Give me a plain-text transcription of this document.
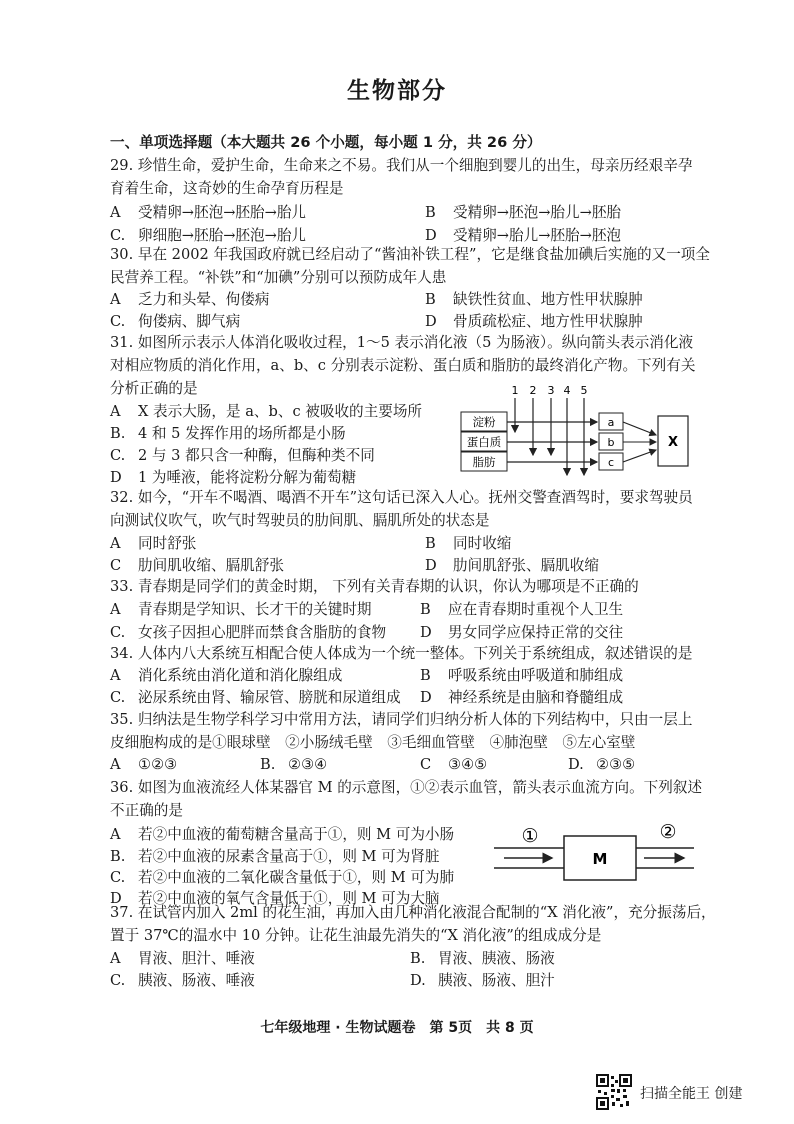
生物部分
一、单项选择题（本大题共 26 个小题，每小题 1 分，共 26 分）
29. 珍惜生命，爱护生命，生命来之不易。我们从一个细胞到婴儿的出生，母亲历经艰辛孕
育着生命，这奇妙的生命孕育历程是
A 受精卵→胚泡→胚胎→胎儿	B 受精卵→胚泡→胎儿→胚胎
C. 卵细胞→胚胎→胚泡→胎儿	D 受精卵→胎儿→胚胎→胚泡
30. 早在 2002 年我国政府就已经启动了“酱油补铁工程”，它是继食盐加碘后实施的又一项全
民营养工程。“补铁”和“加碘”分别可以预防成年人患
A 乏力和头晕、佝偻病	B 缺铁性贫血、地方性甲状腺肿
C. 佝偻病、脚气病	D 骨质疏松症、地方性甲状腺肿
31. 如图所示表示人体消化吸收过程，1～5 表示消化液（5 为肠液）。纵向箭头表示消化液
对相应物质的消化作用，a、b、c 分别表示淀粉、蛋白质和脂肪的最终消化产物。下列有关
分析正确的是
A X 表示大肠，是 a、b、c 被吸收的主要场所
B. 4 和 5 发挥作用的场所都是小肠
C. 2 与 3 都只含一种酶，但酶种类不同
D 1 为唾液，能将淀粉分解为葡萄糖
1 2 3 4 5
淀粉
蛋白质
脂肪
a
b
c
X
32. 如今，“开车不喝酒、喝酒不开车”这句话已深入人心。抚州交警查酒驾时，要求驾驶员
向测试仪吹气，吹气时驾驶员的肋间肌、膈肌所处的状态是
A 同时舒张	B 同时收缩
C 肋间肌收缩、膈肌舒张	D 肋间肌舒张、膈肌收缩
33. 青春期是同学们的黄金时期， 下列有关青春期的认识，你认为哪项是不正确的
A 青春期是学知识、长才干的关键时期	B 应在青春期时重视个人卫生
C. 女孩子因担心肥胖而禁食含脂肪的食物 D 男女同学应保持正常的交往
34. 人体内八大系统互相配合使人体成为一个统一整体。下列关于系统组成，叙述错误的是
A 消化系统由消化道和消化腺组成	B 呼吸系统由呼吸道和肺组成
C. 泌尿系统由肾、输尿管、膀胱和尿道组成 D 神经系统是由脑和脊髓组成
35. 归纳法是生物学科学习中常用方法，请同学们归纳分析人体的下列结构中，只由一层上
皮细胞构成的是①眼球壁　②小肠绒毛壁　③毛细血管壁　④肺泡壁　⑤左心室壁
A ①②③	B. ②③④	C ③④⑤	D. ②③⑤
36. 如图为血液流经人体某器官 M 的示意图，①②表示血管，箭头表示血流方向。下列叙述
不正确的是
A 若②中血液的葡萄糖含量高于①，则 M 可为小肠
B. 若②中血液的尿素含量高于①，则 M 可为肾脏
C. 若②中血液的二氧化碳含量低于①，则 M 可为肺
D 若②中血液的氧气含量低于①，则 M 可为大脑
①	②
M
37. 在试管内加入 2ml 的花生油，再加入由几种消化液混合配制的“X 消化液”，充分振荡后，
置于 37℃的温水中 10 分钟。让花生油最先消失的“X 消化液”的组成成分是
A 胃液、胆汁、唾液	B. 胃液、胰液、肠液
C. 胰液、肠液、唾液	D. 胰液、肠液、胆汁
七年级地理 · 生物试题卷　第 5页　共 8 页
扫描全能王 创建
